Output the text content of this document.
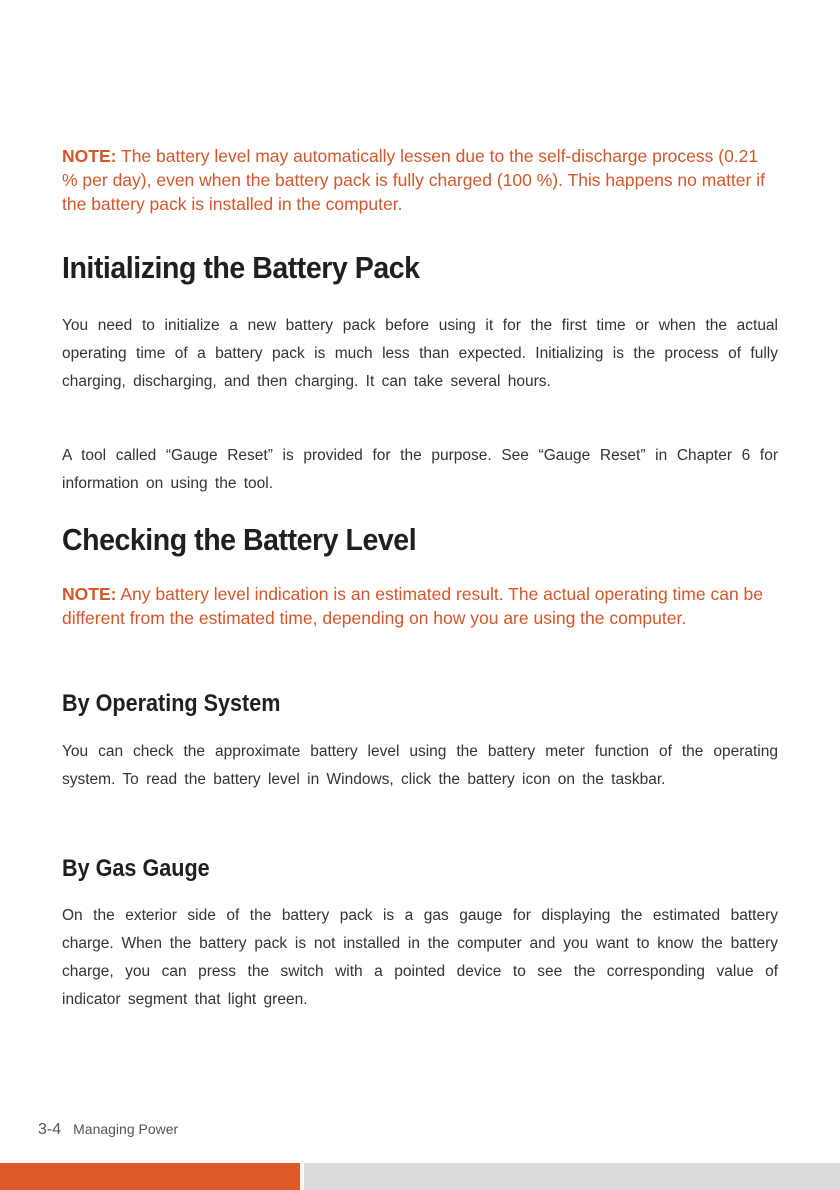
NOTE: The battery level may automatically lessen due to the self-discharge process (0.21 % per day), even when the battery pack is fully charged (100 %). This happens no matter if the battery pack is installed in the computer.
Initializing the Battery Pack

You need to initialize a new battery pack before using it for the first time or when the actual operating time of a battery pack is much less than expected. Initializing is the process of fully charging, discharging, and then charging. It can take several hours.

A tool called “Gauge Reset” is provided for the purpose. See “Gauge Reset” in Chapter 6 for information on using the tool.

Checking the Battery Level
NOTE: Any battery level indication is an estimated result. The actual operating time can be different from the estimated time, depending on how you are using the computer.
By Operating System

You can check the approximate battery level using the battery meter function of the operating system. To read the battery level in Windows, click the battery icon on the taskbar.

By Gas Gauge

On the exterior side of the battery pack is a gas gauge for displaying the estimated battery charge. When the battery pack is not installed in the computer and you want to know the battery charge, you can press the switch with a pointed device to see the corresponding value of indicator segment that light green.

3-4 Managing Power
